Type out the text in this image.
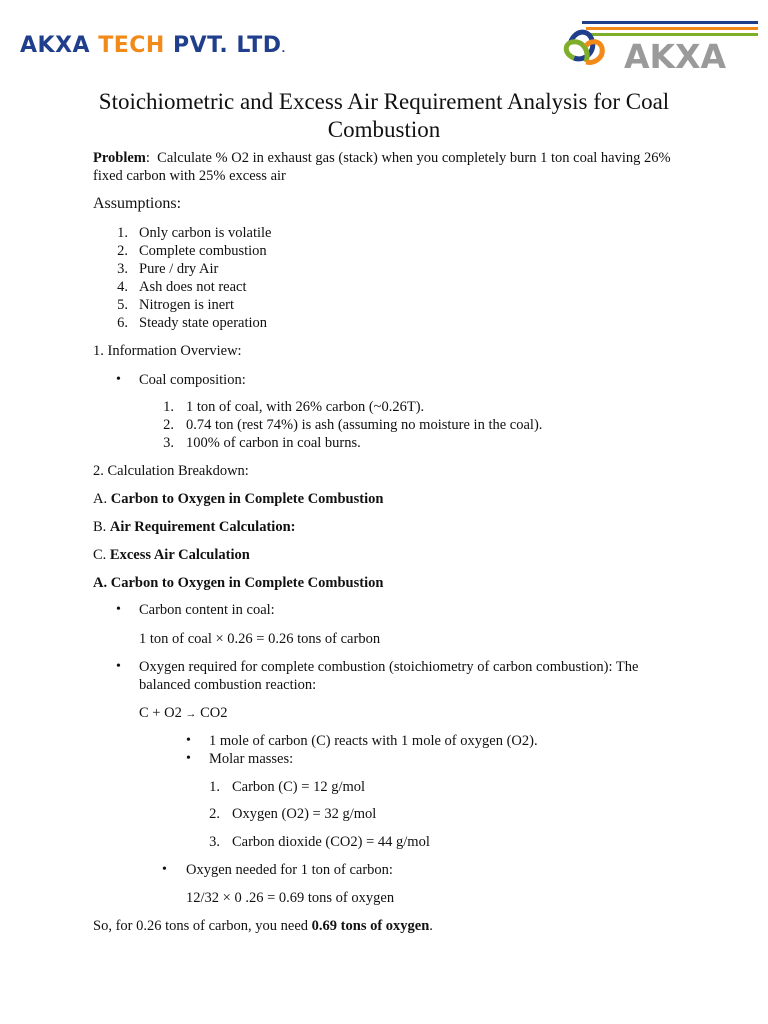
AKXA TECH PVT. LTD.	AKXA
Stoichiometric and Excess Air Requirement Analysis for Coal Combustion
Problem: Calculate % O2 in exhaust gas (stack) when you completely burn 1 ton coal having 26% fixed carbon with 25% excess air
Assumptions:
1. Only carbon is volatile
2. Complete combustion
3. Pure / dry Air
4. Ash does not react
5. Nitrogen is inert
6. Steady state operation
1. Information Overview:
• Coal composition:
1. 1 ton of coal, with 26% carbon (~0.26T).
2. 0.74 ton (rest 74%) is ash (assuming no moisture in the coal).
3. 100% of carbon in coal burns.
2. Calculation Breakdown:
A. Carbon to Oxygen in Complete Combustion
B. Air Requirement Calculation:
C. Excess Air Calculation
A. Carbon to Oxygen in Complete Combustion
• Carbon content in coal:
1 ton of coal × 0.26 = 0.26 tons of carbon
• Oxygen required for complete combustion (stoichiometry of carbon combustion): The balanced combustion reaction:
C + O2 → CO2
• 1 mole of carbon (C) reacts with 1 mole of oxygen (O2).
• Molar masses:
1. Carbon (C) = 12 g/mol
2. Oxygen (O2) = 32 g/mol
3. Carbon dioxide (CO2) = 44 g/mol
• Oxygen needed for 1 ton of carbon:
12/32 × 0 .26 = 0.69 tons of oxygen
So, for 0.26 tons of carbon, you need 0.69 tons of oxygen.
